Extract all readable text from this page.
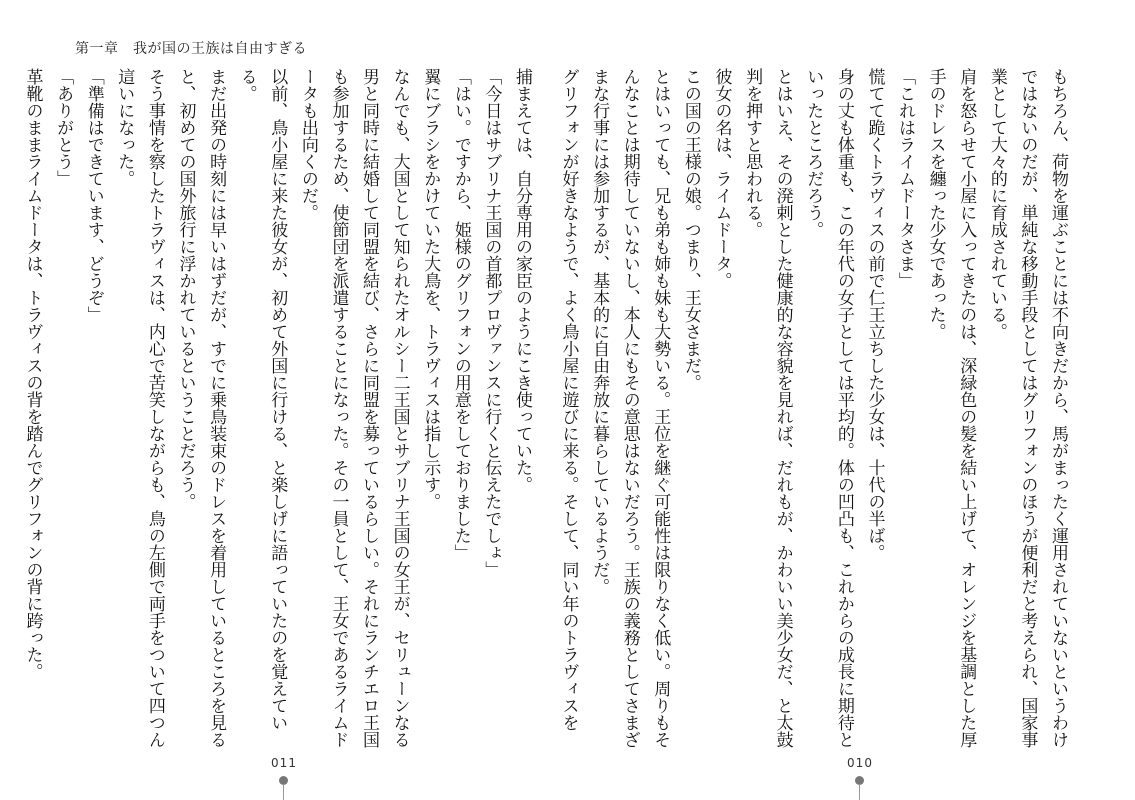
第一章　我が国の王族は自由すぎる

捕まえては、自分専用の家臣のようにこき使っていた。

「今日はサブリナ王国の首都プロヴァンスに行くと伝えたでしょ」

「はい。ですから、姫様のグリフォンの用意をしておりました」

翼にブラシをかけていた大鳥を、トラヴィスは指し示す。

なんでも、大国として知られたオルシー二王国とサブリナ王国の女王が、セリューンなる男と同時に結婚して同盟を結び、さらに同盟を募っているらしい。それにランチエロ王国も参加するため、使節団を派遣することになった。その一員として、王女であるライムドータも出向くのだ。

以前、鳥小屋に来た彼女が、初めて外国に行ける、と楽しげに語っていたのを覚えている。

まだ出発の時刻には早いはずだが、すでに乗鳥装束のドレスを着用しているところを見ると、初めての国外旅行に浮かれているということだろう。

そう事情を察したトラヴィスは、内心で苦笑しながらも、鳥の左側で両手をついて四つん這いになった。

「準備はできています、どうぞ」

「ありがとう」

革靴のままライムドータは、トラヴィスの背を踏んでグリフォンの背に跨った。

011

もちろん、荷物を運ぶことには不向きだから、馬がまったく運用されていないというわけではないのだが、単純な移動手段としてはグリフォンのほうが便利だと考えられ、国家事業として大々的に育成されている。

肩を怒らせて小屋に入ってきたのは、深緑色の髪を結い上げて、オレンジを基調とした厚手のドレスを纏った少女であった。

「これはライムドータさま」

慌てて跪くトラヴィスの前で仁王立ちした少女は、十代の半ば。

身の丈も体重も、この年代の女子としては平均的。体の凹凸も、これからの成長に期待といったところだろう。

とはいえ、その溌剌とした健康的な容貌を見れば、だれもが、かわいい美少女だ、と太鼓判を押すと思われる。

彼女の名は、ライムドータ。

この国の王様の娘。つまり、王女さまだ。

とはいっても、兄も弟も姉も妹も大勢いる。王位を継ぐ可能性は限りなく低い。周りもそんなことは期待していないし、本人にもその意思はないだろう。王族の義務としてさまざまな行事には参加するが、基本的に自由奔放に暮らしているようだ。

グリフォンが好きなようで、よく鳥小屋に遊びに来る。そして、同い年のトラヴィスを

010
